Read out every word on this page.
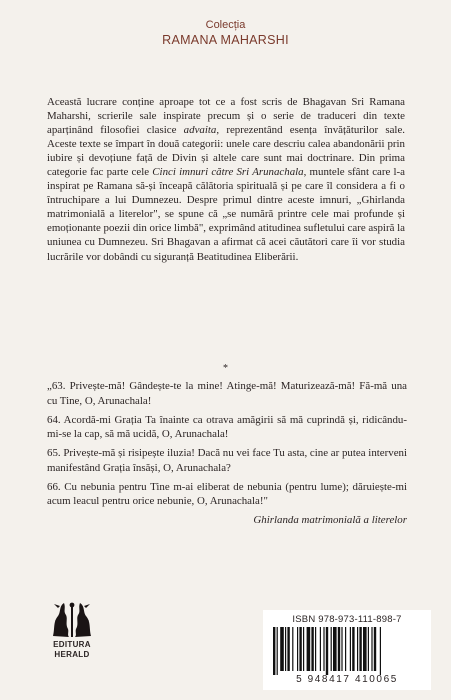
Colecția
RAMANA MAHARSHI

Această lucrare conține aproape tot ce a fost scris de Bhagavan Sri Ramana Maharshi, scrierile sale inspirate precum și o serie de traduceri din texte aparținând filosofiei clasice advaita, reprezentând esența învățăturilor sale. Aceste texte se împart în două categorii: unele care descriu calea abandonării prin iubire și devoțiune față de Divin și altele care sunt mai doctrinare. Din prima categorie fac parte cele Cinci imnuri către Sri Arunachala, muntele sfânt care l-a inspirat pe Ramana să-și înceapă călătoria spirituală și pe care îl considera a fi o întruchipare a lui Dumnezeu. Despre primul dintre aceste imnuri, „Ghirlanda matrimonială a literelor", se spune că „se numără printre cele mai profunde și emoționante poezii din orice limbă", exprimând atitudinea sufletului care aspiră la uniunea cu Dumnezeu. Sri Bhagavan a afirmat că acei căutători care îi vor studia lucrările vor dobândi cu siguranță Beatitudinea Eliberării.

*

„63. Privește-mă! Gândește-te la mine! Atinge-mă! Maturizează-mă! Fă-mă una cu Tine, O, Arunachala!

64. Acordă-mi Grația Ta înainte ca otrava amăgirii să mă cuprindă și, ridicându-mi-se la cap, să mă ucidă, O, Arunachala!

65. Privește-mă și risipește iluzia! Dacă nu vei face Tu asta, cine ar putea interveni manifestând Grația însăși, O, Arunachala?

66. Cu nebunia pentru Tine m-ai eliberat de nebunia (pentru lume); dăruiește-mi acum leacul pentru orice nebunie, O, Arunachala!"

Ghirlanda matrimonială a literelor
EDITURA
HERALD
ISBN 978-973-111-898-7
5 948417 410065
